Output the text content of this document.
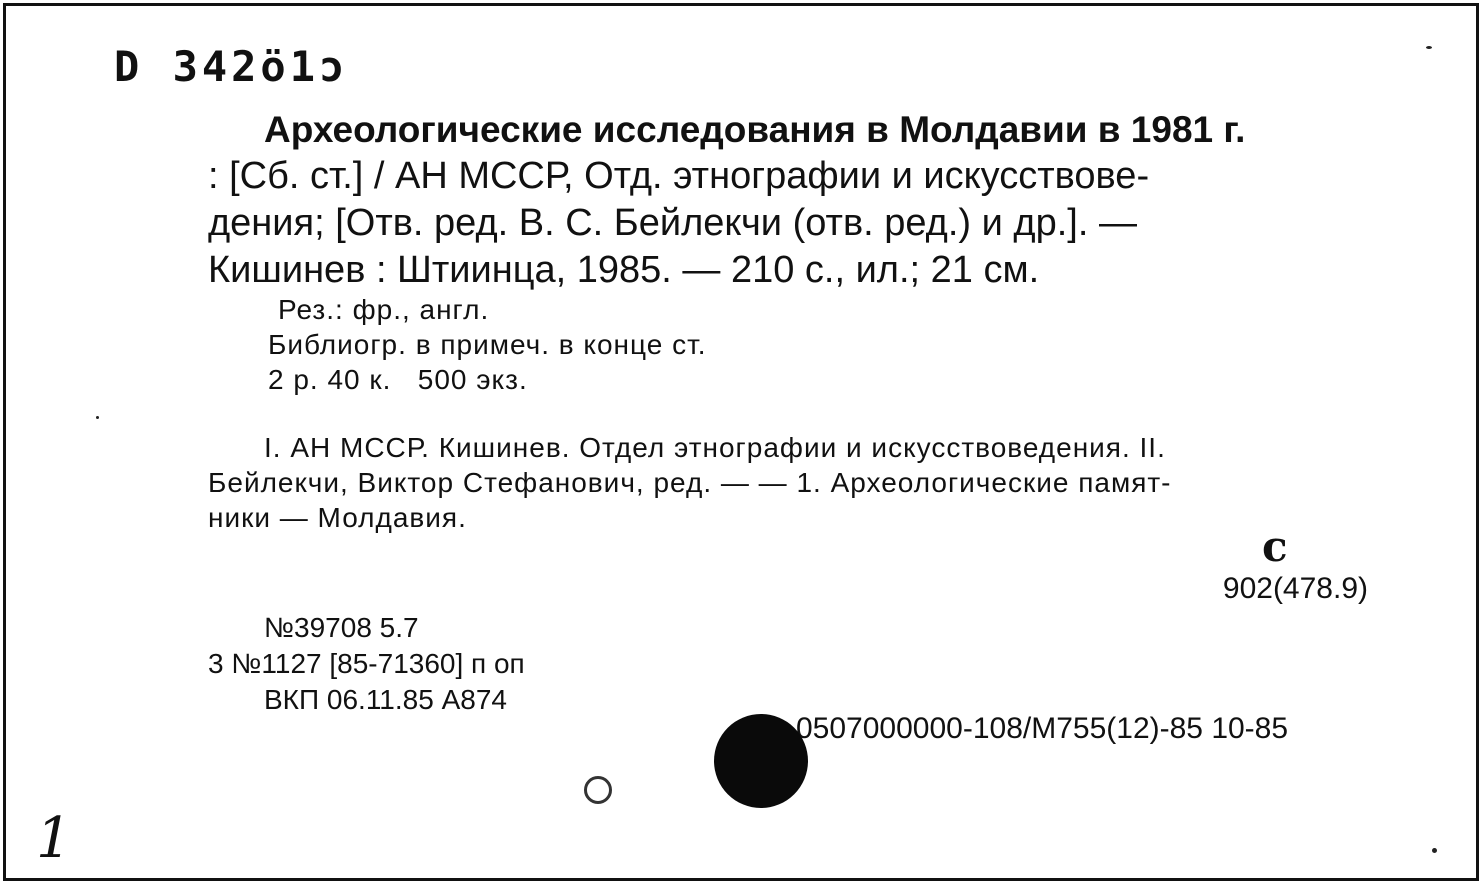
D 342ö1ɔ
Археологические исследования в Молдавии в 1981 г.
: [Сб. ст.] / АН МССР, Отд. этнографии и искусствове-
дения; [Отв. ред. В. С. Бейлекчи (отв. ред.) и др.]. —
Кишинев : Штиинца, 1985. — 210 с., ил.; 21 см.
Рез.: фр., англ.
Библиогр. в примеч. в конце ст.
2 р. 40 к.   500 экз.
I. АН МССР. Кишинев. Отдел этнографии и искусствоведения. II.
Бейлекчи, Виктор Стефанович, ред. — — 1. Археологические памят-
ники — Молдавия.
с
902(478.9)
№39708 5.7
3 №1127 [85-71360] п оп
ВКП 06.11.85 А874
0507000000-108/М755(12)-85 10-85
1
